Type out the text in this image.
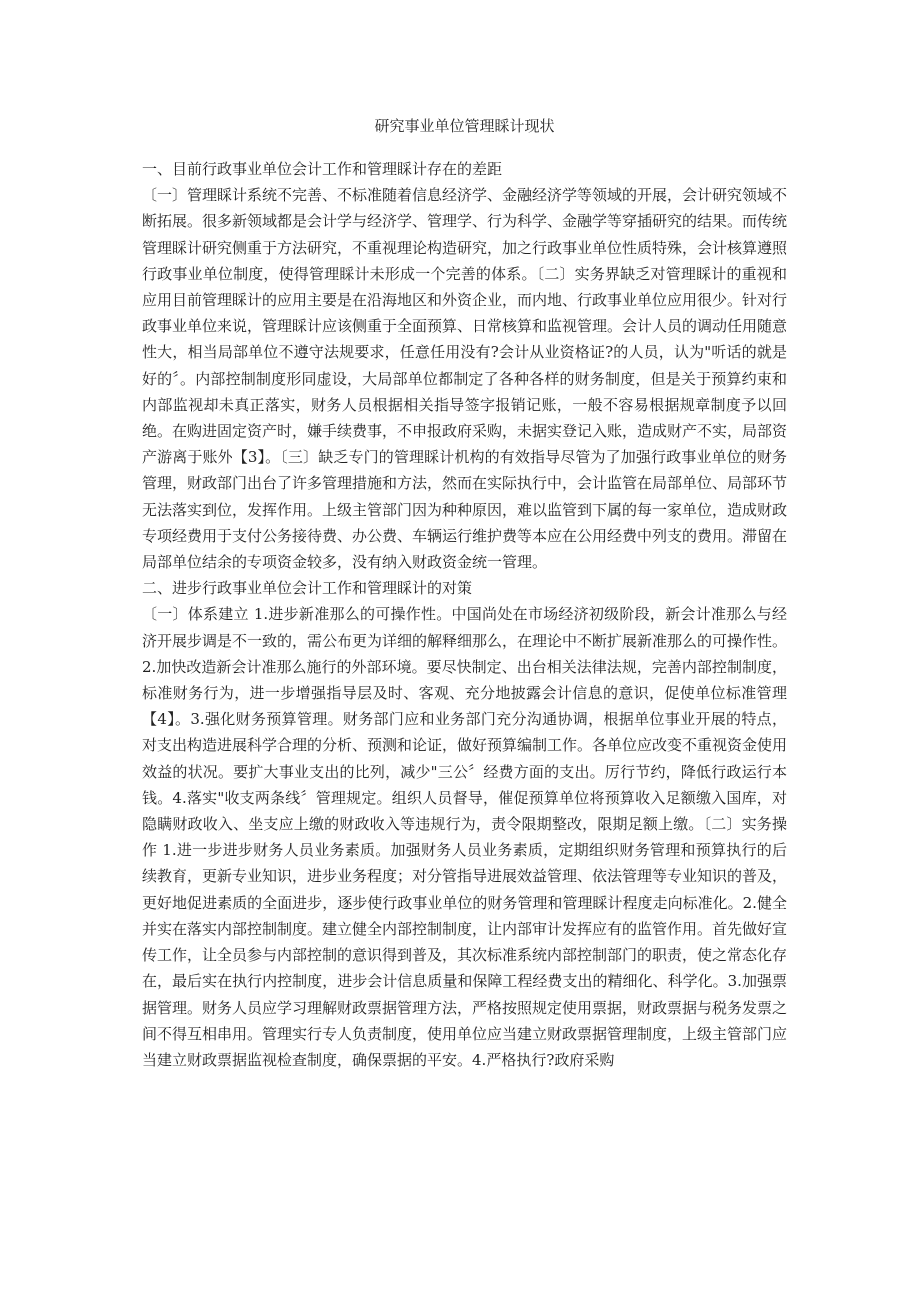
研究事业单位管理睬计现状

一、目前行政事业单位会计工作和管理睬计存在的差距

〔一〕管理睬计系统不完善、不标准随着信息经济学、金融经济学等领域的开展，会计研究领域不断拓展。很多新领域都是会计学与经济学、管理学、行为科学、金融学等穿插研究的结果。而传统管理睬计研究侧重于方法研究，不重视理论构造研究，加之行政事业单位性质特殊，会计核算遵照行政事业单位制度，使得管理睬计未形成一个完善的体系。〔二〕实务界缺乏对管理睬计的重视和应用目前管理睬计的应用主要是在沿海地区和外资企业，而内地、行政事业单位应用很少。针对行政事业单位来说，管理睬计应该侧重于全面预算、日常核算和监视管理。会计人员的调动任用随意性大，相当局部单位不遵守法规要求，任意任用没有?会计从业资格证?的人员，认为"听话的就是好的〞。内部控制制度形同虚设，大局部单位都制定了各种各样的财务制度，但是关于预算约束和内部监视却未真正落实，财务人员根据相关指导签字报销记账，一般不容易根据规章制度予以回绝。在购进固定资产时，嫌手续费事，不申报政府采购，未据实登记入账，造成财产不实，局部资产游离于账外【3】。〔三〕缺乏专门的管理睬计机构的有效指导尽管为了加强行政事业单位的财务管理，财政部门出台了许多管理措施和方法，然而在实际执行中，会计监管在局部单位、局部环节无法落实到位，发挥作用。上级主管部门因为种种原因，难以监管到下属的每一家单位，造成财政专项经费用于支付公务接待费、办公费、车辆运行维护费等本应在公用经费中列支的费用。滞留在局部单位结余的专项资金较多，没有纳入财政资金统一管理。

二、进步行政事业单位会计工作和管理睬计的对策

〔一〕体系建立 1.进步新准那么的可操作性。中国尚处在市场经济初级阶段，新会计准那么与经济开展步调是不一致的，需公布更为详细的解释细那么，在理论中不断扩展新准那么的可操作性。2.加快改造新会计准那么施行的外部环境。要尽快制定、出台相关法律法规，完善内部控制制度，标准财务行为，进一步增强指导层及时、客观、充分地披露会计信息的意识，促使单位标准管理【4】。3.强化财务预算管理。财务部门应和业务部门充分沟通协调，根据单位事业开展的特点，对支出构造进展科学合理的分析、预测和论证，做好预算编制工作。各单位应改变不重视资金使用效益的状况。要扩大事业支出的比列，减少"三公〞经费方面的支出。厉行节约，降低行政运行本钱。4.落实"收支两条线〞管理规定。组织人员督导，催促预算单位将预算收入足额缴入国库，对隐瞒财政收入、坐支应上缴的财政收入等违规行为，责令限期整改，限期足额上缴。〔二〕实务操作 1.进一步进步财务人员业务素质。加强财务人员业务素质，定期组织财务管理和预算执行的后续教育，更新专业知识，进步业务程度；对分管指导进展效益管理、依法管理等专业知识的普及，更好地促进素质的全面进步，逐步使行政事业单位的财务管理和管理睬计程度走向标准化。2.健全并实在落实内部控制制度。建立健全内部控制制度，让内部审计发挥应有的监管作用。首先做好宣传工作，让全员参与内部控制的意识得到普及，其次标准系统内部控制部门的职责，使之常态化存在，最后实在执行内控制度，进步会计信息质量和保障工程经费支出的精细化、科学化。3.加强票据管理。财务人员应学习理解财政票据管理方法，严格按照规定使用票据，财政票据与税务发票之间不得互相串用。管理实行专人负责制度，使用单位应当建立财政票据管理制度，上级主管部门应当建立财政票据监视检查制度，确保票据的平安。4.严格执行?政府采购
